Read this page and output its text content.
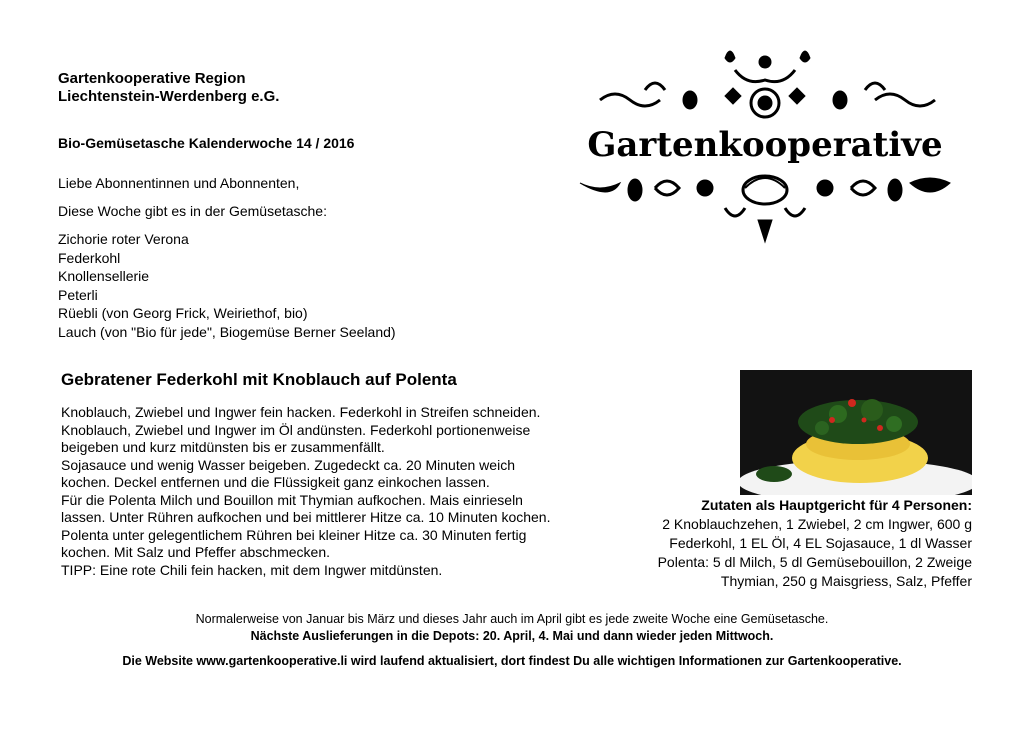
Gartenkooperative Region
Liechtenstein-Werdenberg e.G.
Bio-Gemüsetasche Kalenderwoche 14 / 2016
Liebe Abonnentinnen und Abonnenten,
Diese Woche gibt es in der Gemüsetasche:
Zichorie roter Verona
Federkohl
Knollensellerie
Peterli
Rüebli (von Georg Frick, Weiriethof, bio)
Lauch (von "Bio für jede", Biogemüse Berner Seeland)
Gartenkooperative
Gebratener Federkohl mit Knoblauch auf Polenta
Knoblauch, Zwiebel und Ingwer fein hacken. Federkohl in Streifen schneiden.
Knoblauch, Zwiebel und Ingwer im Öl andünsten. Federkohl portionenweise
beigeben und kurz mitdünsten bis er zusammenfällt.
Sojasauce und wenig Wasser beigeben. Zugedeckt ca. 20 Minuten weich
kochen. Deckel entfernen und die Flüssigkeit ganz einkochen lassen.
Für die Polenta Milch und Bouillon mit Thymian aufkochen. Mais einrieseln
lassen. Unter Rühren aufkochen und bei mittlerer Hitze ca. 10 Minuten kochen.
Polenta unter gelegentlichem Rühren bei kleiner Hitze ca. 30 Minuten fertig
kochen. Mit Salz und Pfeffer abschmecken.
TIPP: Eine rote Chili fein hacken, mit dem Ingwer mitdünsten.
Zutaten als Hauptgericht für 4 Personen:
2 Knoblauchzehen, 1 Zwiebel, 2 cm Ingwer, 600 g
Federkohl, 1 EL Öl, 4 EL Sojasauce, 1 dl Wasser
Polenta: 5 dl Milch, 5 dl Gemüsebouillon, 2 Zweige
Thymian, 250 g Maisgriess, Salz, Pfeffer
Normalerweise von Januar bis März und dieses Jahr auch im April gibt es jede zweite Woche eine Gemüsetasche.
Nächste Auslieferungen in die Depots: 20. April, 4. Mai und dann wieder jeden Mittwoch.
Die Website www.gartenkooperative.li wird laufend aktualisiert, dort findest Du alle wichtigen Informationen zur Gartenkooperative.
